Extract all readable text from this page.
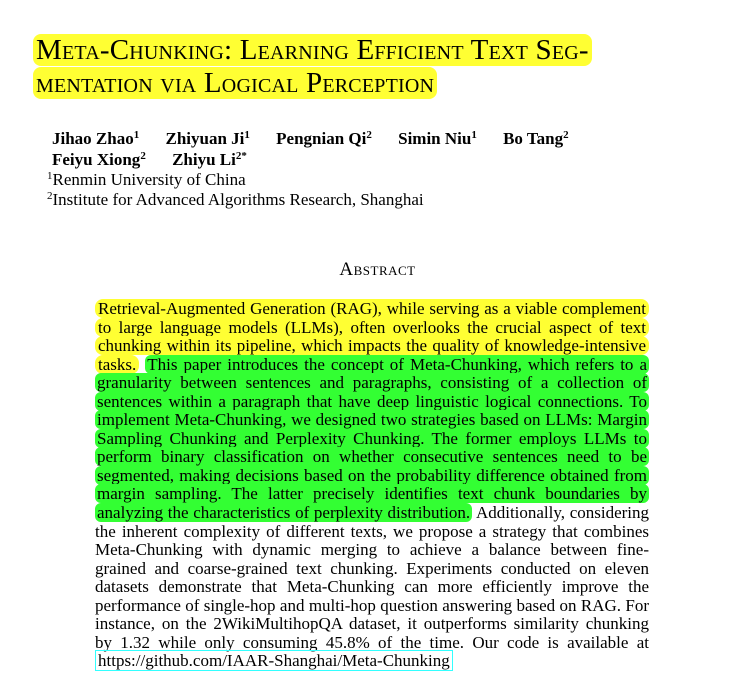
Meta-Chunking: Learning Efficient Text Seg-
mentation via Logical Perception
Jihao Zhao$^1$ Zhiyuan Ji$^1$ Pengnian Qi$^2$ Simin Niu$^1$ Bo Tang$^2$
Feiyu Xiong$^2$ Zhiyu $Li^{2*}$
$^1$Renmin University of China
$^2$Institute for Advanced Algorithms Research, Shanghai
Abstract

Retrieval-Augmented Generation (RAG), while serving as a viable complement to large language models (LLMs), often overlooks the crucial aspect of text chunking within its pipeline, which impacts the quality of knowledge-intensive tasks. This paper introduces the concept of Meta-Chunking, which refers to a granularity between sentences and paragraphs, consisting of a collection of sentences within a paragraph that have deep linguistic logical connections. To implement Meta-Chunking, we designed two strategies based on LLMs: Margin Sampling Chunking and Perplexity Chunking. The former employs LLMs to perform binary classification on whether consecutive sentences need to be segmented, making decisions based on the probability difference obtained from margin sampling. The latter precisely identifies text chunk boundaries by analyzing the characteristics of perplexity distribution. Additionally, considering the inherent complexity of different texts, we propose a strategy that combines Meta-Chunking with dynamic merging to achieve a balance between fine-grained and coarse-grained text chunking. Experiments conducted on eleven datasets demonstrate that Meta-Chunking can more efficiently improve the performance of single-hop and multi-hop question answering based on RAG. For instance, on the 2WikiMultihopQA dataset, it outperforms similarity chunking by 1.32 while only consuming 45.8% of the time. Our code is available at https://github.com/IAAR-Shanghai/Meta-Chunking
